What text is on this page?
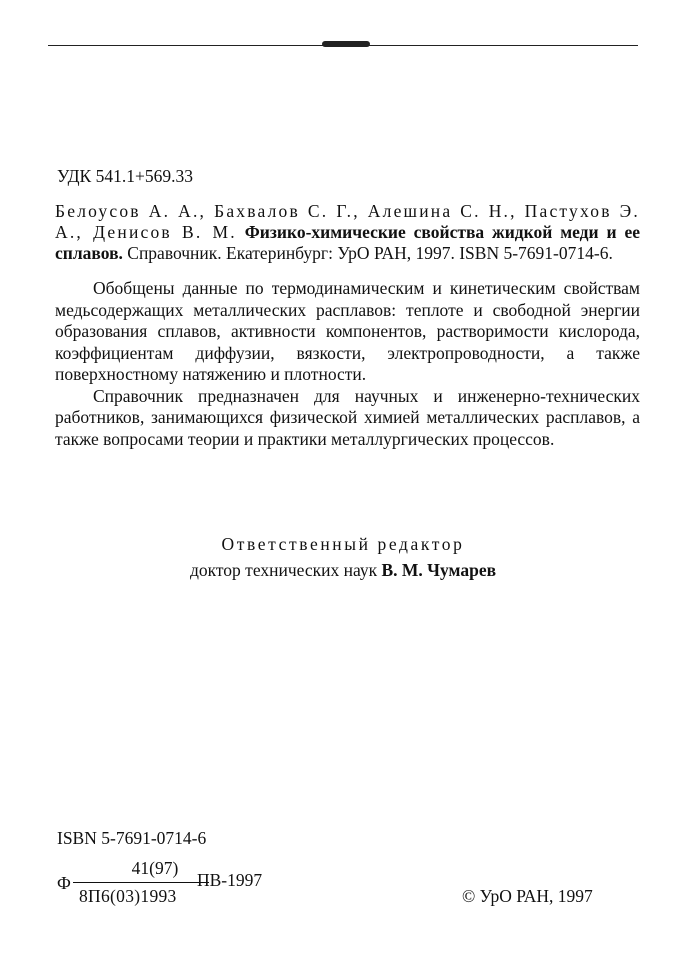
УДК 541.1+569.33
Белоусов А. А., Бахвалов С. Г., Алешина С. Н., Пастухов Э. А., Денисов В. М. Физико-химические свойства жидкой меди и ее сплавов. Справочник. Екатеринбург: УрО РАН, 1997. ISBN 5-7691-0714-6.

Обобщены данные по термодинамическим и кинетическим свойствам медьсодержащих металлических расплавов: теплоте и свободной энергии образования сплавов, активности компонентов, растворимости кислорода, коэффициентам диффузии, вязкости, электропроводности, а также поверхностному натяжению и плотности.

Справочник предназначен для научных и инженерно-технических работников, занимающихся физической химией металлических расплавов, а также вопросами теории и практики металлургических процессов.

Ответственный редактор
доктор технических наук В. М. Чумарев
ISBN 5-7691-0714-6
Ф
41(97)
8П6(03)1993
ПВ-1997
© УрО РАН, 1997
